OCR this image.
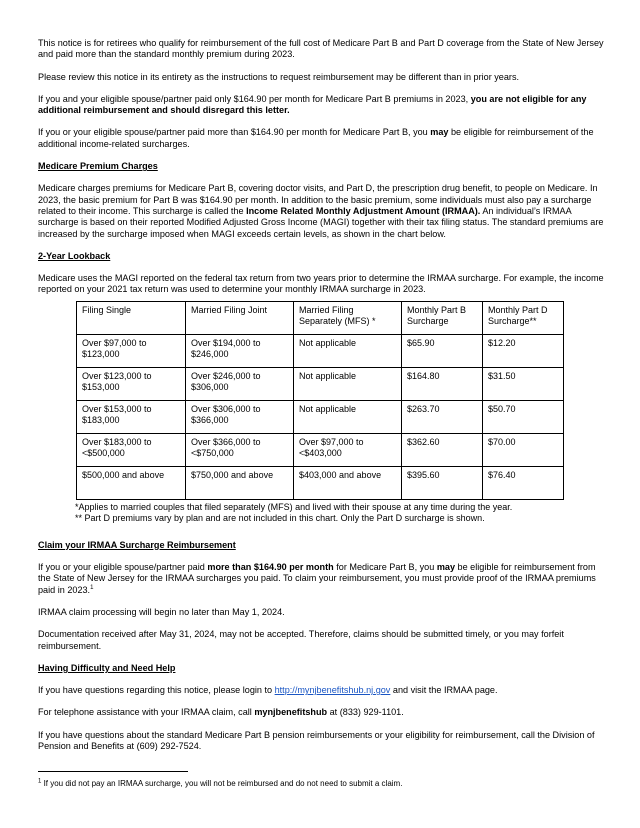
This notice is for retirees who qualify for reimbursement of the full cost of Medicare Part B and Part D coverage from the State of New Jersey and paid more than the standard monthly premium during 2023.

Please review this notice in its entirety as the instructions to request reimbursement may be different than in prior years.

If you and your eligible spouse/partner paid only $164.90 per month for Medicare Part B premiums in 2023, you are not eligible for any additional reimbursement and should disregard this letter.

If you or your eligible spouse/partner paid more than $164.90 per month for Medicare Part B, you may be eligible for reimbursement of the additional income-related surcharges.

Medicare Premium Charges

Medicare charges premiums for Medicare Part B, covering doctor visits, and Part D, the prescription drug benefit, to people on Medicare. In 2023, the basic premium for Part B was $164.90 per month. In addition to the basic premium, some individuals must also pay a surcharge related to their income. This surcharge is called the Income Related Monthly Adjustment Amount (IRMAA). An individual’s IRMAA surcharge is based on their reported Modified Adjusted Gross Income (MAGI) together with their tax filing status. The standard premiums are increased by the surcharge imposed when MAGI exceeds certain levels, as shown in the chart below.

2-Year Lookback

Medicare uses the MAGI reported on the federal tax return from two years prior to determine the IRMAA surcharge. For example, the income reported on your 2021 tax return was used to determine your monthly IRMAA surcharge in 2023.

Filing Single	Married Filing Joint	Married Filing Separately (MFS) *	Monthly Part B Surcharge	Monthly Part D Surcharge**
Over $97,000 to $123,000	Over $194,000 to $246,000	Not applicable	$65.90	$12.20
Over $123,000 to $153,000	Over $246,000 to $306,000	Not applicable	$164.80	$31.50
Over $153,000 to $183,000	Over $306,000 to $366,000	Not applicable	$263.70	$50.70
Over $183,000 to <$500,000	Over $366,000 to <$750,000	Over $97,000 to <$403,000	$362.60	$70.00
$500,000 and above	$750,000 and above	$403,000 and above	$395.60	$76.40
*Applies to married couples that filed separately (MFS) and lived with their spouse at any time during the year.
** Part D premiums vary by plan and are not included in this chart. Only the Part D surcharge is shown.
Claim your IRMAA Surcharge Reimbursement

If you or your eligible spouse/partner paid more than $164.90 per month for Medicare Part B, you may be eligible for reimbursement from the State of New Jersey for the IRMAA surcharges you paid. To claim your reimbursement, you must provide proof of the IRMAA premiums paid in 2023.$^1$

IRMAA claim processing will begin no later than May 1, 2024.

Documentation received after May 31, 2024, may not be accepted. Therefore, claims should be submitted timely, or you may forfeit reimbursement.

Having Difficulty and Need Help

If you have questions regarding this notice, please login to http://mynjbenefitshub.nj.gov and visit the IRMAA page.

For telephone assistance with your IRMAA claim, call mynjbenefitshub at (833) 929-1101.

If you have questions about the standard Medicare Part B pension reimbursements or your eligibility for reimbursement, call the Division of Pension and Benefits at (609) 292-7524.

$^1$ If you did not pay an IRMAA surcharge, you will not be reimbursed and do not need to submit a claim.
